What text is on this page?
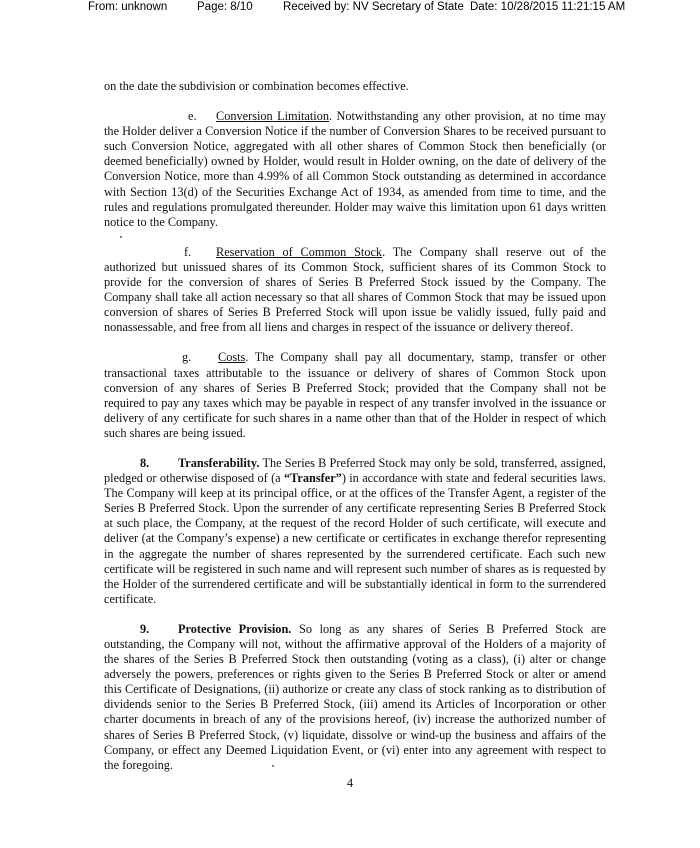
From: unknown	Page: 8/10	Received by: NV Secretary of State Date: 10/28/2015 11:21:15 AM

on the date the subdivision or combination becomes effective.

e. Conversion Limitation. Notwithstanding any other provision, at no time may the Holder deliver a Conversion Notice if the number of Conversion Shares to be received pursuant to such Conversion Notice, aggregated with all other shares of Common Stock then beneficially (or deemed beneficially) owned by Holder, would result in Holder owning, on the date of delivery of the Conversion Notice, more than 4.99% of all Common Stock outstanding as determined in accordance with Section 13(d) of the Securities Exchange Act of 1934, as amended from time to time, and the rules and regulations promulgated thereunder. Holder may waive this limitation upon 61 days written notice to the Company.

f. Reservation of Common Stock. The Company shall reserve out of the authorized but unissued shares of its Common Stock, sufficient shares of its Common Stock to provide for the conversion of shares of Series B Preferred Stock issued by the Company. The Company shall take all action necessary so that all shares of Common Stock that may be issued upon conversion of shares of Series B Preferred Stock will upon issue be validly issued, fully paid and nonassessable, and free from all liens and charges in respect of the issuance or delivery thereof.

g. Costs. The Company shall pay all documentary, stamp, transfer or other transactional taxes attributable to the issuance or delivery of shares of Common Stock upon conversion of any shares of Series B Preferred Stock; provided that the Company shall not be required to pay any taxes which may be payable in respect of any transfer involved in the issuance or delivery of any certificate for such shares in a name other than that of the Holder in respect of which such shares are being issued.

8. Transferability. The Series B Preferred Stock may only be sold, transferred, assigned, pledged or otherwise disposed of (a “Transfer”) in accordance with state and federal securities laws. The Company will keep at its principal office, or at the offices of the Transfer Agent, a register of the Series B Preferred Stock. Upon the surrender of any certificate representing Series B Preferred Stock at such place, the Company, at the request of the record Holder of such certificate, will execute and deliver (at the Company’s expense) a new certificate or certificates in exchange therefor representing in the aggregate the number of shares represented by the surrendered certificate. Each such new certificate will be registered in such name and will represent such number of shares as is requested by the Holder of the surrendered certificate and will be substantially identical in form to the surrendered certificate.

9. Protective Provision. So long as any shares of Series B Preferred Stock are outstanding, the Company will not, without the affirmative approval of the Holders of a majority of the shares of the Series B Preferred Stock then outstanding (voting as a class), (i) alter or change adversely the powers, preferences or rights given to the Series B Preferred Stock or alter or amend this Certificate of Designations, (ii) authorize or create any class of stock ranking as to distribution of dividends senior to the Series B Preferred Stock, (iii) amend its Articles of Incorporation or other charter documents in breach of any of the provisions hereof, (iv) increase the authorized number of shares of Series B Preferred Stock, (v) liquidate, dissolve or wind-up the business and affairs of the Company, or effect any Deemed Liquidation Event, or (vi) enter into any agreement with respect to the foregoing.

4
